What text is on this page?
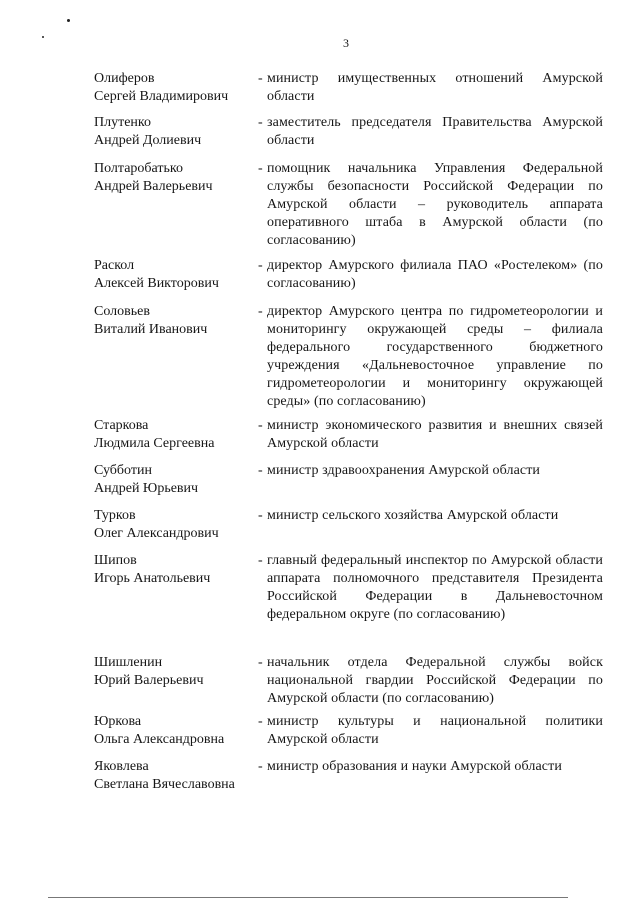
3
Олиферов
Сергей Владимирович
- министр имущественных отношений Амурской области
Плутенко
Андрей Долиевич
- заместитель председателя Правительства Амурской области
Полтаробатько
Андрей Валерьевич
- помощник начальника Управления Федеральной службы безопасности Российской Федерации по Амурской области – руководитель аппарата оперативного штаба в Амурской области (по согласованию)
Раскол
Алексей Викторович
- директор Амурского филиала ПАО «Ростелеком» (по согласованию)
Соловьев
Виталий Иванович
- директор Амурского центра по гидрометеорологии и мониторингу окружающей среды – филиала федерального государственного бюджетного учреждения «Дальневосточное управление по гидрометеорологии и мониторингу окружающей среды» (по согласованию)
Старкова
Людмила Сергеевна
- министр экономического развития и внешних связей Амурской области
Субботин
Андрей Юрьевич
- министр здравоохранения Амурской области
Турков
Олег Александрович
- министр сельского хозяйства Амурской области
Шипов
Игорь Анатольевич
- главный федеральный инспектор по Амурской области аппарата полномочного представителя Президента Российской Федерации в Дальневосточном федеральном округе (по согласованию)
Шишленин
Юрий Валерьевич
- начальник отдела Федеральной службы войск национальной гвардии Российской Федерации по Амурской области (по согласованию)
Юркова
Ольга Александровна
- министр культуры и национальной политики Амурской области
Яковлева
Светлана Вячеславовна
- министр образования и науки Амурской области
